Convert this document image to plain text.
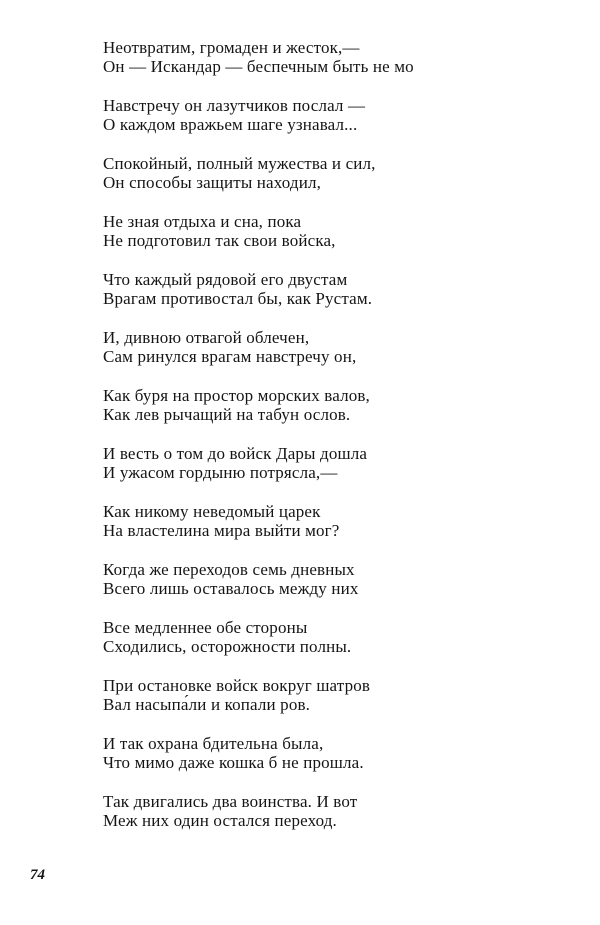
Неотвратим, громаден и жесток,—
Он — Искандар — беспечным быть не мо
Навстречу он лазутчиков послал —
О каждом вражьем шаге узнавал...
Спокойный, полный мужества и сил,
Он способы защиты находил,
Не зная отдыха и сна, пока
Не подготовил так свои войска,
Что каждый рядовой его двустам
Врагам противостал бы, как Рустам.
И, дивною отвагой облечен,
Сам ринулся врагам навстречу он,
Как буря на простор морских валов,
Как лев рычащий на табун ослов.
И весть о том до войск Дары дошла
И ужасом гордыню потрясла,—
Как никому неведомый царек
На властелина мира выйти мог?
Когда же переходов семь дневных
Всего лишь оставалось между них
Все медленнее обе стороны
Сходились, осторожности полны.
При остановке войск вокруг шатров
Вал насыпа́ли и копали ров.
И так охрана бдительна была,
Что мимо даже кошка б не прошла.
Так двигались два воинства. И вот
Меж них один остался переход.
74
